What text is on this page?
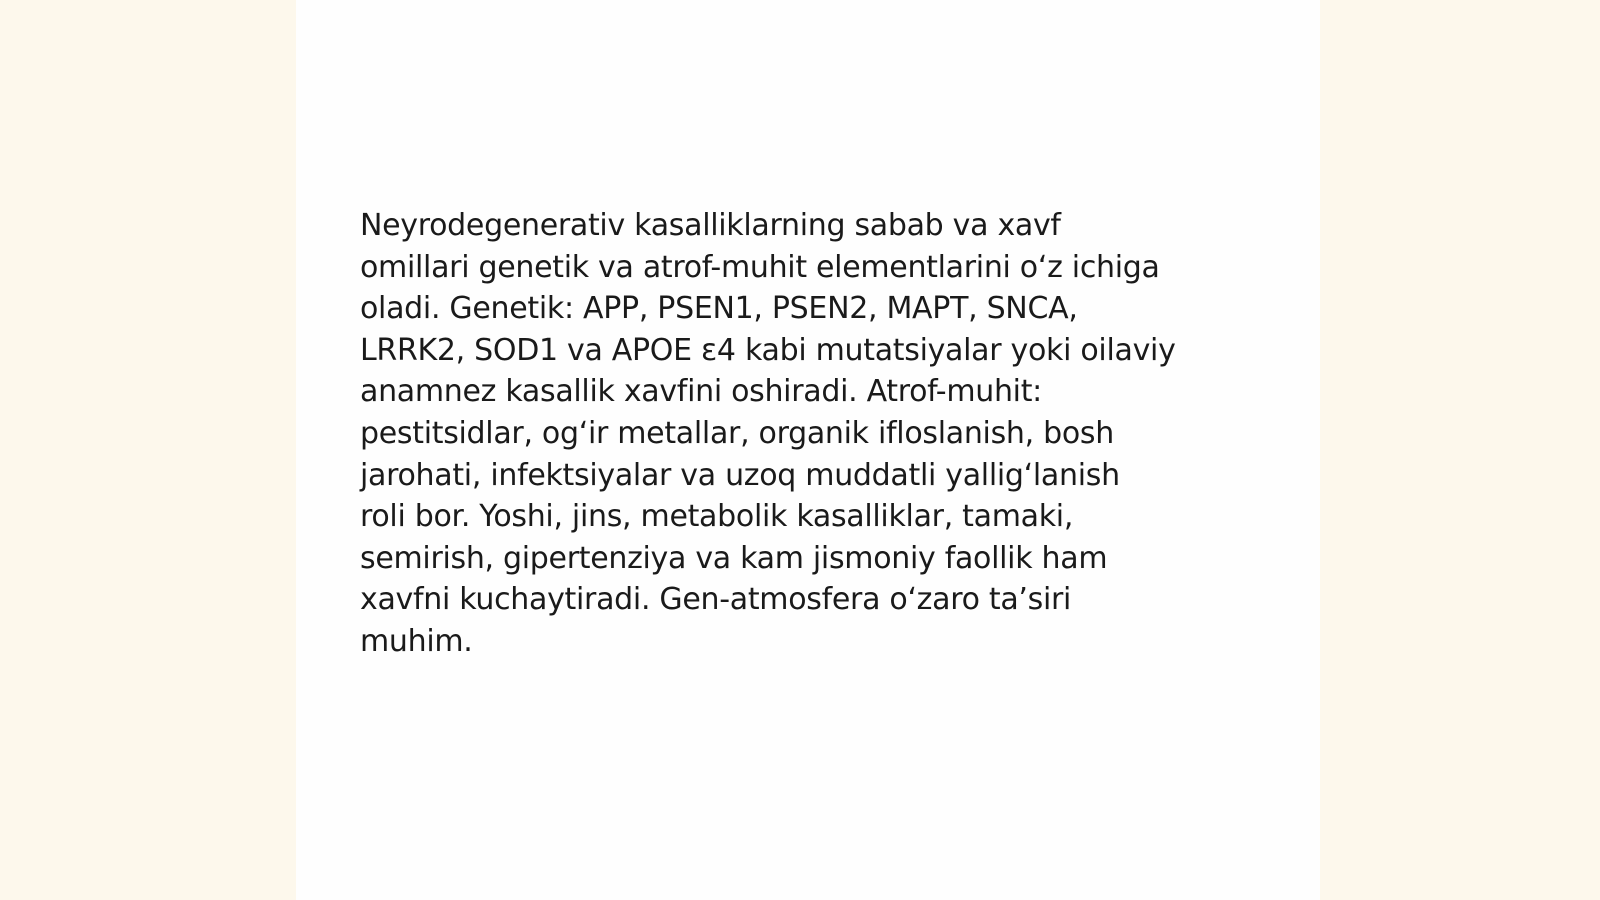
Neyrodegenerativ kasalliklarning sabab va xavf
omillari genetik va atrof-muhit elementlarini o‘z ichiga
oladi. Genetik: APP, PSEN1, PSEN2, MAPT, SNCA,
LRRK2, SOD1 va APOE ε4 kabi mutatsiyalar yoki oilaviy
anamnez kasallik xavfini oshiradi. Atrof-muhit:
pestitsidlar, og‘ir metallar, organik ifloslanish, bosh
jarohati, infektsiyalar va uzoq muddatli yallig‘lanish
roli bor. Yoshi, jins, metabolik kasalliklar, tamaki,
semirish, gipertenziya va kam jismoniy faollik ham
xavfni kuchaytiradi. Gen-atmosfera o‘zaro ta’siri
muhim.
